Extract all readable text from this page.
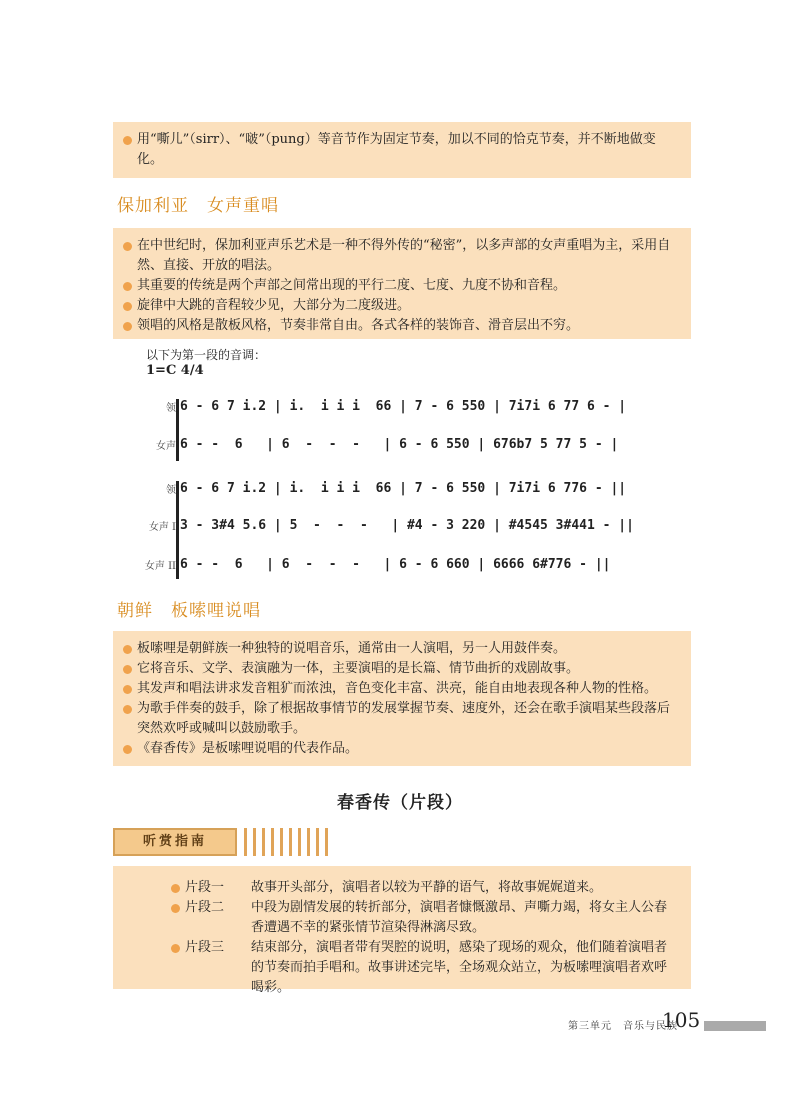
用“嘶儿”（sirr）、“啵”（pung）等音节作为固定节奏，加以不同的恰克节奏，并不断地做变化。

保加利亚　女声重唱

在中世纪时，保加利亚声乐艺术是一种不得外传的“秘密”，以多声部的女声重唱为主，采用自然、直接、开放的唱法。

其重要的传统是两个声部之间常出现的平行二度、七度、九度不协和音程。

旋律中大跳的音程较少见，大部分为二度级进。

领唱的风格是散板风格，节奏非常自由。各式各样的装饰音、滑音层出不穷。

以下为第一段的音调：
1=C 4/4
领 6 - 6 7 i.2 | i.  i i i  66 | 7 - 6 550 | 7i7i 6 77 6 - |
女声 6 - -  6   | 6  -  -  -   | 6 - 6 550 | 676b7 5 77 5 - |
领 6 - 6 7 i.2 | i.  i i i  66 | 7 - 6 550 | 7i7i 6 776 - ||
女声 I 3 - 3#4 5.6 | 5  -  -  -   | #4 - 3 220 | #4545 3#441 - ||
女声 II 6 - -  6   | 6  -  -  -   | 6 - 6 660 | 6666 6#776 - ||
朝鲜　板嗦哩说唱

板嗦哩是朝鲜族一种独特的说唱音乐，通常由一人演唱，另一人用鼓伴奏。

它将音乐、文学、表演融为一体，主要演唱的是长篇、情节曲折的戏剧故事。

其发声和唱法讲求发音粗犷而浓浊，音色变化丰富、洪亮，能自由地表现各种人物的性格。

为歌手伴奏的鼓手，除了根据故事情节的发展掌握节奏、速度外，还会在歌手演唱某些段落后突然欢呼或喊叫以鼓励歌手。

《春香传》是板嗦哩说唱的代表作品。

春香传（片段）
听赏指南

片段一 故事开头部分，演唱者以较为平静的语气，将故事娓娓道来。

片段二 中段为剧情发展的转折部分，演唱者慷慨激昂、声嘶力竭，将女主人公春香遭遇不幸的紧张情节渲染得淋漓尽致。

片段三 结束部分，演唱者带有哭腔的说明，感染了现场的观众，他们随着演唱者的节奏而拍手唱和。故事讲述完毕，全场观众站立，为板嗦哩演唱者欢呼喝彩。

第三单元　音乐与民族
105
